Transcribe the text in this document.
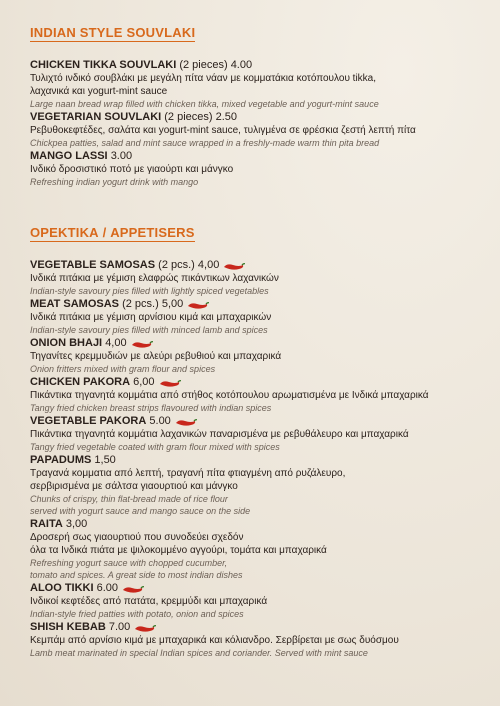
INDIAN STYLE SOUVLAKI
CHICKEN TIKKA SOUVLAKI (2 pieces) 4.00
Τυλιχτό ινδικό σουβλάκι με μεγάλη πίτα νάαν με κομματάκια κοτόπουλου tikka,
λαχανικά και yogurt-mint sauce
Large naan bread wrap filled with chicken tikka, mixed vegetable and yogurt-mint sauce
VEGETARIAN SOUVLAKI (2 pieces) 2.50
Ρεβυθοκεφτέδες, σαλάτα και yogurt-mint sauce, τυλιγμένα σε φρέσκια ζεστή λεπτή πίτα
Chickpea patties, salad and mint sauce wrapped in a freshly-made warm thin pita bread
MANGO LASSI 3.00
Ινδικό δροσιστικό ποτό με γιαούρτι και μάνγκο
Refreshing indian yogurt drink with mango
ΟΡΕΚΤΙΚΑ / APPETISERS
VEGETABLE SAMOSAS (2 pcs.) 4,00
Ινδικά πιτάκια με γέμιση ελαφρώς πικάντικων λαχανικών
Indian-style savoury pies filled with lightly spiced vegetables
MEAT SAMOSAS (2 pcs.) 5,00
Ινδικά πιτάκια με γέμιση αρνίσιου κιμά και μπαχαρικών
Indian-style savoury pies filled with minced lamb and spices
ONION BHAJI 4,00
Τηγανίτες κρεμμυδιών με αλεύρι ρεβυθιού και μπαχαρικά
Onion fritters mixed with gram flour and spices
CHICKEN PAKORA 6,00
Πικάντικα τηγανητά κομμάτια από στήθος κοτόπουλου αρωματισμένα με Ινδικά μπαχαρικά
Tangy fried chicken breast strips flavoured with indian spices
VEGETABLE PAKORA 5.00
Πικάντικα τηγανητά κομμάτια λαχανικών παναρισμένα με ρεβυθάλευρο και μπαχαρικά
Tangy fried vegetable coated with gram flour mixed with spices
PAPADUMS 1,50
Τραγανά κομματια από λεπτή, τραγανή πίτα φτιαγμένη από ρυζάλευρο,
σερβιρισμένα με σάλτσα γιαουρτιού και μάνγκο
Chunks of crispy, thin flat-bread made of rice flour
served with yogurt sauce and mango sauce on the side
RAITA 3,00
Δροσερή σως γιαουρτιού που συνοδεύει σχεδόν
όλα τα Ινδικά πιάτα με ψιλοκομμένο αγγούρι, τομάτα και μπαχαρικά
Refreshing yogurt sauce with chopped cucumber,
tomato and spices. A great side to most indian dishes
ALOO TIKKI 6.00
Ινδικοί κεφτέδες από πατάτα, κρεμμύδι και μπαχαρικά
Indian-style fried patties with potato, onion and spices
SHISH KEBAB 7.00
Κεμπάμ από αρνίσιο κιμά με μπαχαρικά και κόλιανδρο. Σερβίρεται με σως δυόσμου
Lamb meat marinated in special Indian spices and coriander. Served with mint sauce
